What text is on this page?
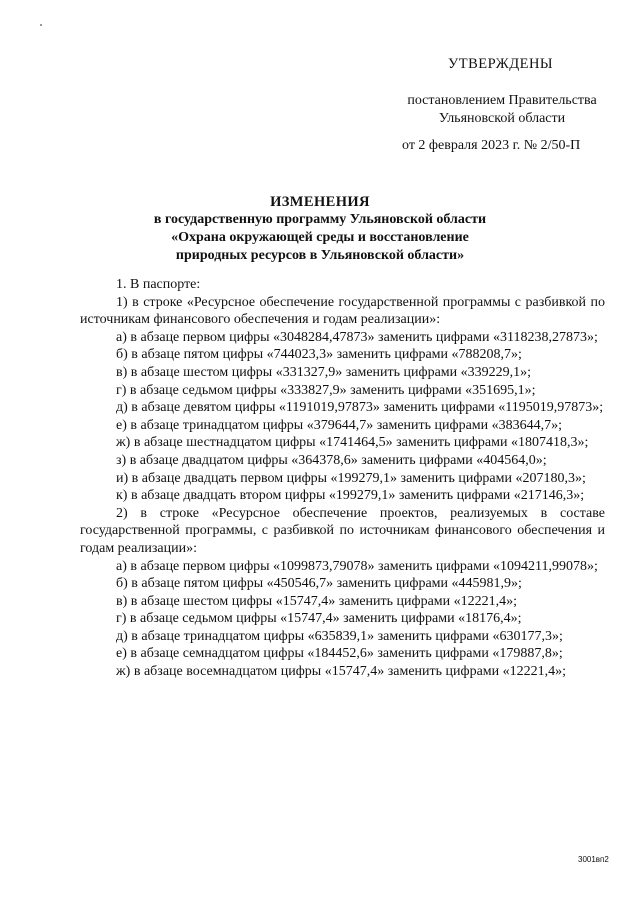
УТВЕРЖДЕНЫ
постановлением Правительства
Ульяновской области
от 2 февраля 2023 г. № 2/50-П
ИЗМЕНЕНИЯ
в государственную программу Ульяновской области
«Охрана окружающей среды и восстановление
природных ресурсов в Ульяновской области»

1. В паспорте:

1) в строке «Ресурсное обеспечение государственной программы с разбивкой по источникам финансового обеспечения и годам реализации»:

а) в абзаце первом цифры «3048284,47873» заменить цифрами «3118238,27873»;

б) в абзаце пятом цифры «744023,3» заменить цифрами «788208,7»;

в) в абзаце шестом цифры «331327,9» заменить цифрами «339229,1»;

г) в абзаце седьмом цифры «333827,9» заменить цифрами «351695,1»;

д) в абзаце девятом цифры «1191019,97873» заменить цифрами «1195019,97873»;

е) в абзаце тринадцатом цифры «379644,7» заменить цифрами «383644,7»;

ж) в абзаце шестнадцатом цифры «1741464,5» заменить цифрами «1807418,3»;

з) в абзаце двадцатом цифры «364378,6» заменить цифрами «404564,0»;

и) в абзаце двадцать первом цифры «199279,1» заменить цифрами «207180,3»;

к) в абзаце двадцать втором цифры «199279,1» заменить цифрами «217146,3»;

2) в строке «Ресурсное обеспечение проектов, реализуемых в составе государственной программы, с разбивкой по источникам финансового обеспечения и годам реализации»:

а) в абзаце первом цифры «1099873,79078» заменить цифрами «1094211,99078»;

б) в абзаце пятом цифры «450546,7» заменить цифрами «445981,9»;

в) в абзаце шестом цифры «15747,4» заменить цифрами «12221,4»;

г) в абзаце седьмом цифры «15747,4» заменить цифрами «18176,4»;

д) в абзаце тринадцатом цифры «635839,1» заменить цифрами «630177,3»;

е) в абзаце семнадцатом цифры «184452,6» заменить цифрами «179887,8»;

ж) в абзаце восемнадцатом цифры «15747,4» заменить цифрами «12221,4»;

3001вп2
